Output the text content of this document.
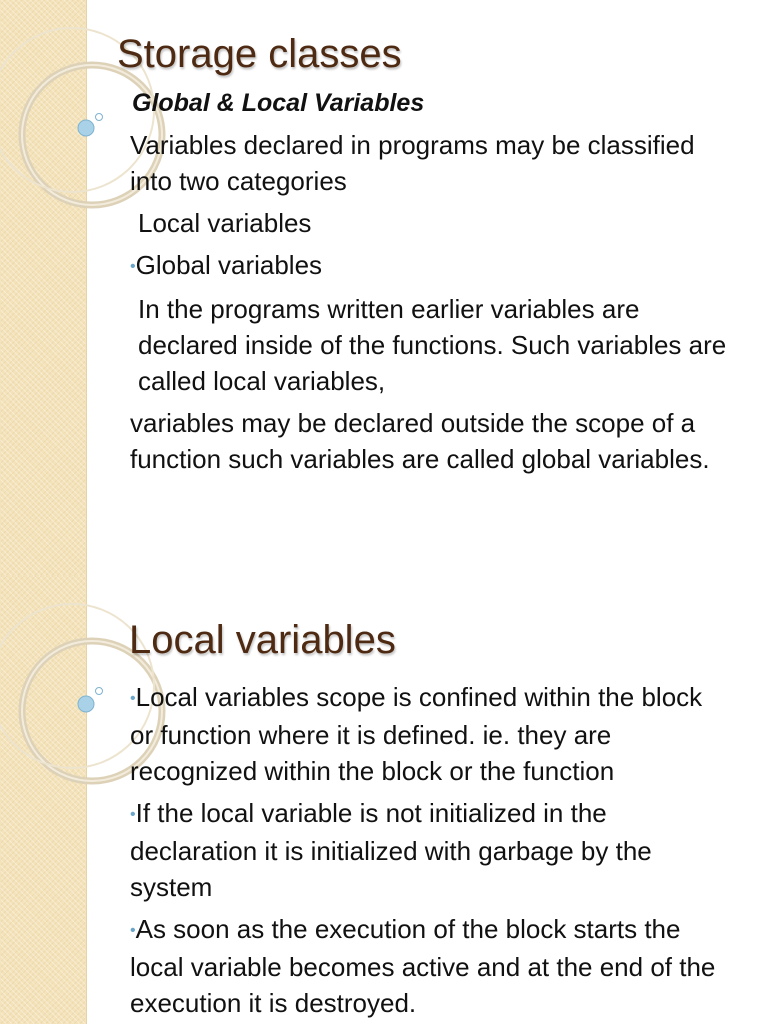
Storage classes

Global & Local Variables

Variables declared in programs may be classified into two categories

Local variables

•Global variables

In the programs written earlier variables are declared inside of the functions. Such variables are called local variables,

variables may be declared outside the scope of a function such variables are called global variables.

Local variables

•Local variables scope is confined within the block or function where it is defined. ie. they are recognized within the block or the function

•If the local variable is not initialized in the declaration it is initialized with garbage by the system

•As soon as the execution of the block starts the local variable becomes active and at the end of the execution it is destroyed.
